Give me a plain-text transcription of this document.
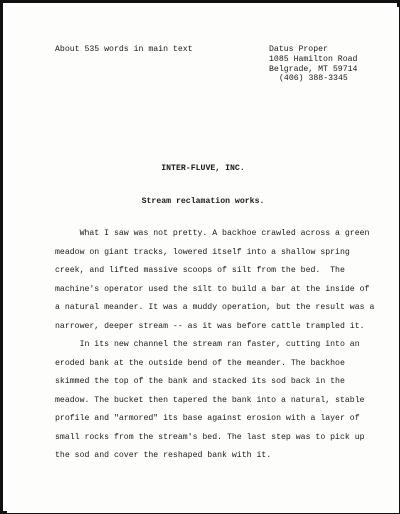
About 535 words in main text	Datus Proper
1085 Hamilton Road
Belgrade, MT 59714
(406) 388-3345
INTER-FLUVE, INC.
Stream reclamation works.
What I saw was not pretty. A backhoe crawled across a green
meadow on giant tracks, lowered itself into a shallow spring
creek, and lifted massive scoops of silt from the bed.  The
machine's operator used the silt to build a bar at the inside of
a natural meander. It was a muddy operation, but the result was a
narrower, deeper stream -- as it was before cattle trampled it.
In its new channel the stream ran faster, cutting into an
eroded bank at the outside bend of the meander. The backhoe
skimmed the top of the bank and stacked its sod back in the
meadow. The bucket then tapered the bank into a natural, stable
profile and "armored" its base against erosion with a layer of
small rocks from the stream's bed. The last step was to pick up
the sod and cover the reshaped bank with it.
